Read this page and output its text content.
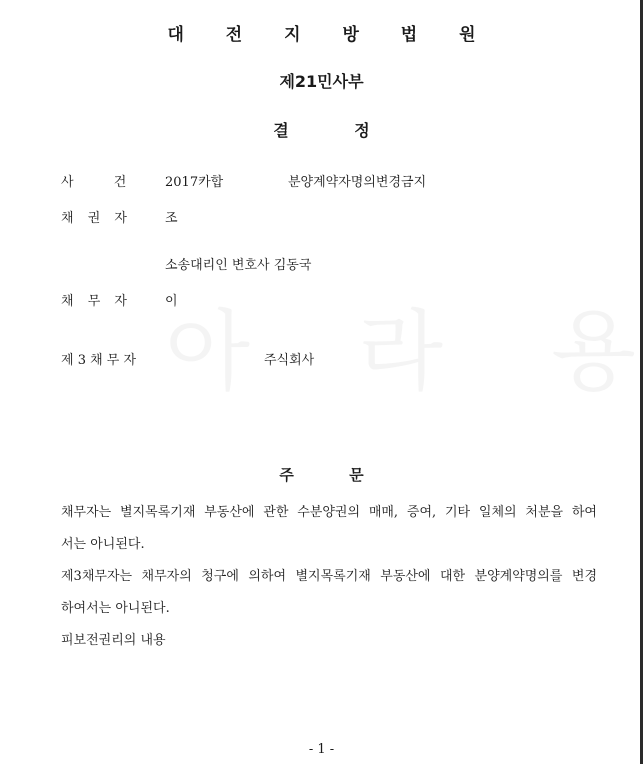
대 전 지 방 법 원
제21민사부
결 정
사 건	2017카합	분양계약자명의변경금지
채 권 자	조
소송대리인 변호사 김동국
채 무 자	이
제 3 채 무 자	주식회사
주 문
채무자는 별지목록기재 부동산에 관한 수분양권의 매매, 증여, 기타 일체의 처분을 하여
서는 아니된다.
제3채무자는 채무자의 청구에 의하여 별지목록기재 부동산에 대한 분양계약명의를 변경
하여서는 아니된다.
피보전권리의 내용
- 1 -
